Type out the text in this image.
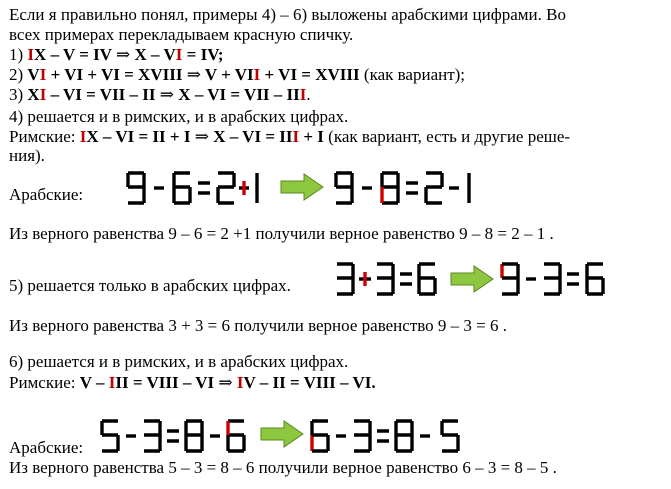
Если я правильно понял, примеры 4) – 6) выложены арабскими цифрами. Во
всех примерах перекладываем красную спичку.
1) IX – V = IV ⇒ X – VI = IV;
2) VI + VI + VI = XVIII ⇒ V + VII + VI = XVIII (как вариант);
3) XI – VI = VII – II ⇒ X – VI = VII – III.
4) решается и в римских, и в арабских цифрах.
Римские: IX – VI = II + I ⇒ X – VI = III + I (как вариант, есть и другие реше-
ния).
Арабские:
Из верного равенства 9 – 6 = 2 +1 получили верное равенство 9 – 8 = 2 – 1 .
5) решается только в арабских цифрах.
Из верного равенства 3 + 3 = 6 получили верное равенство 9 – 3 = 6 .
6) решается и в римских, и в арабских цифрах.
Римские: V – III = VIII – VI ⇒ IV – II = VIII – VI.
Арабские:
Из верного равенства 5 – 3 = 8 – 6 получили верное равенство 6 – 3 = 8 – 5 .
